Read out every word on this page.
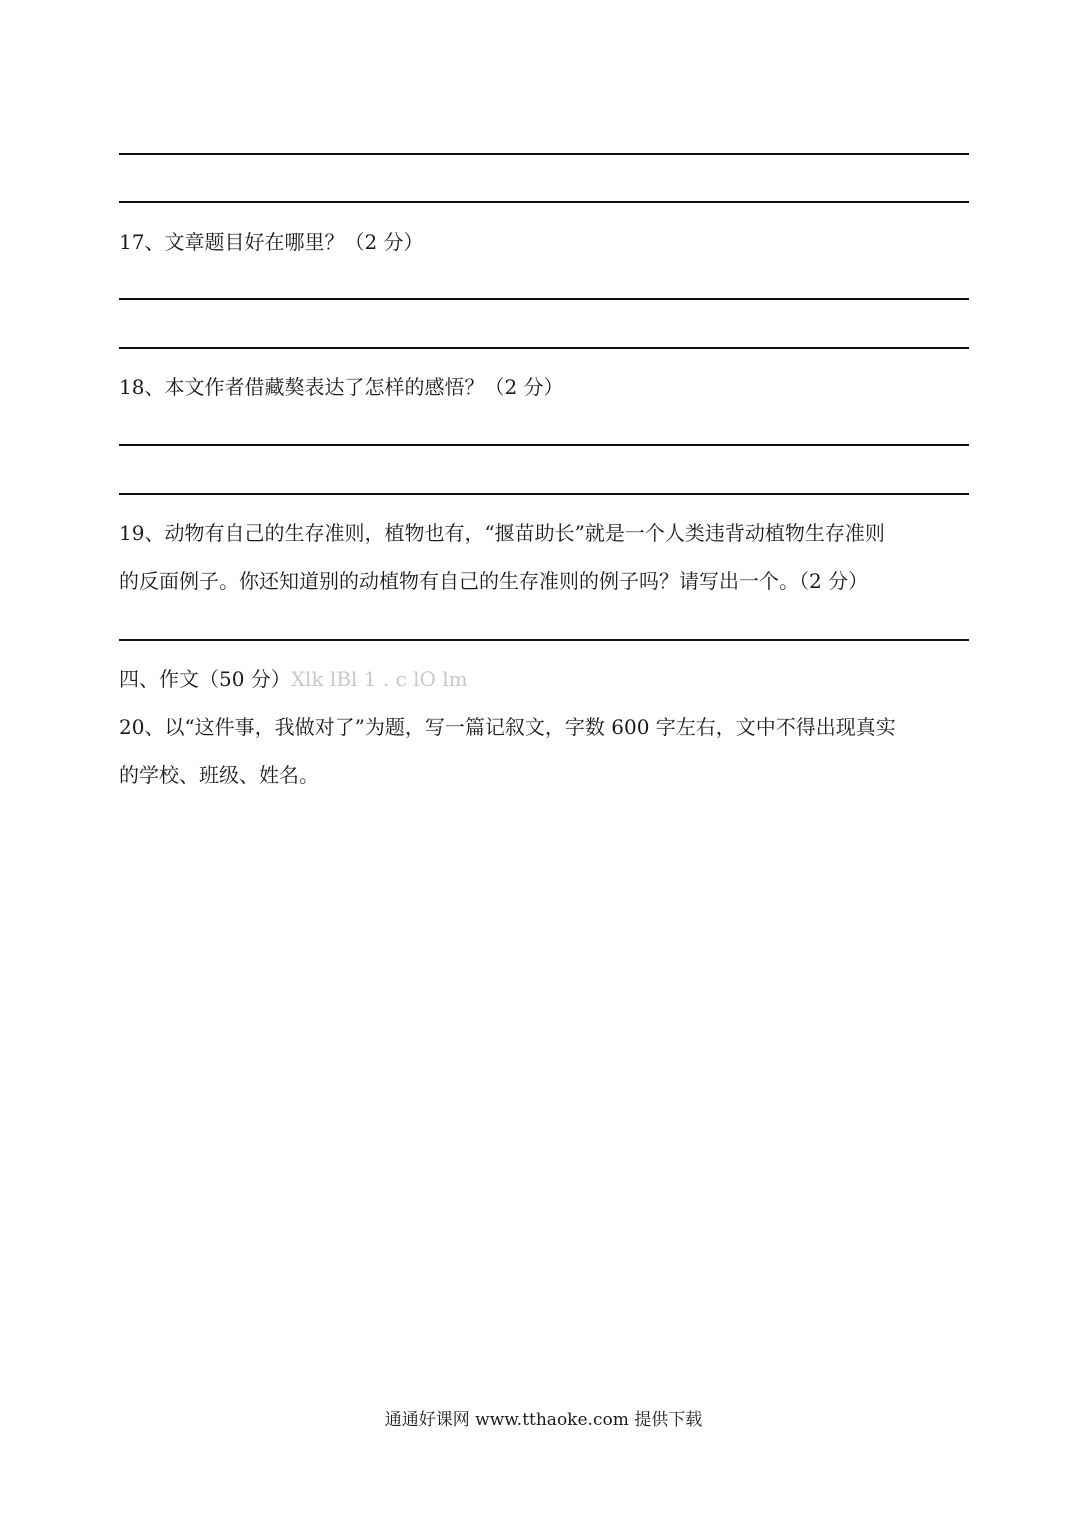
17、文章题目好在哪里？（2 分）
18、本文作者借藏獒表达了怎样的感悟？（2 分）
19、动物有自己的生存准则，植物也有，“揠苗助长”就是一个人类违背动植物生存准则
的反面例子。你还知道别的动植物有自己的生存准则的例子吗？请写出一个。（2 分）
四、作文（50 分）Xlk lBl 1 . c lO lm
20、以“这件事，我做对了”为题，写一篇记叙文，字数 600 字左右，文中不得出现真实
的学校、班级、姓名。
通通好课网 www.tthaoke.com 提供下载
